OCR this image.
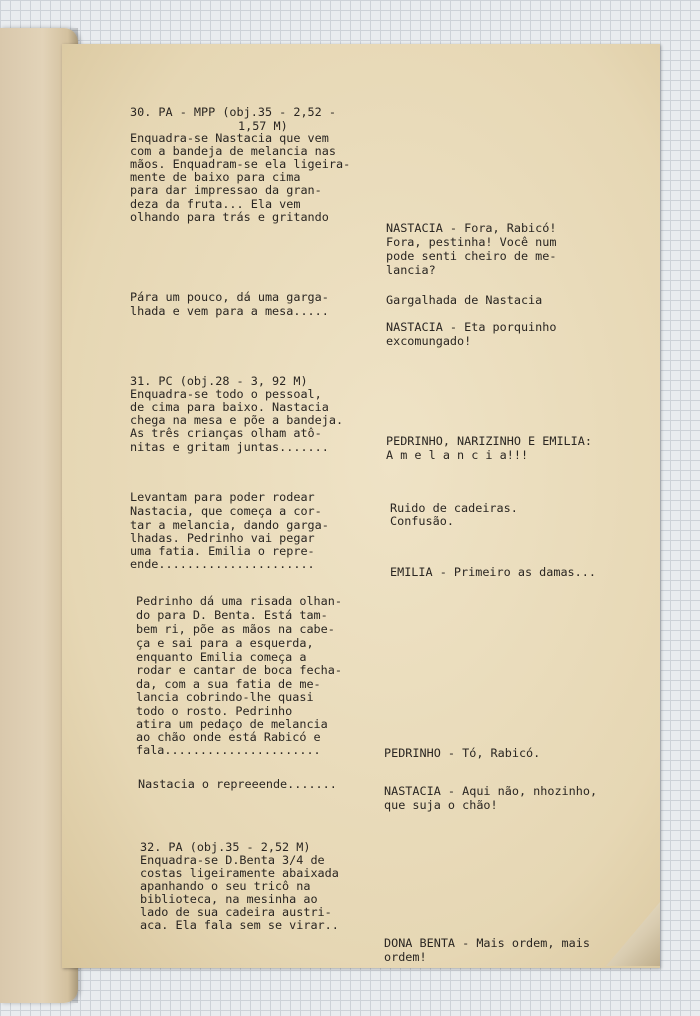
30. PA - MPP (obj.35 - 2,52 -

1,57 M)

Enquadra-se Nastacia que vem

com a bandeja de melancia nas

mãos. Enquadram-se ela ligeira-

mente de baixo para cima

para dar impressao da gran-

deza da fruta... Ela vem

olhando para trás e gritando

NASTACIA - Fora, Rabicó!

Fora, pestinha! Você num

pode senti cheiro de me-

lancia?

Pára um pouco, dá uma garga-

lhada e vem para a mesa.....

Gargalhada de Nastacia

NASTACIA - Eta porquinho

excomungado!

31. PC (obj.28 - 3, 92 M)

Enquadra-se todo o pessoal,

de cima para baixo. Nastacia

chega na mesa e põe a bandeja.

As três crianças olham atô-

nitas e gritam juntas.......	PEDRINHO, NARIZINHO E EMILIA:

A m e l a n c i a!!!

Levantam para poder rodear

Nastacia, que começa a cor-

tar a melancia, dando garga-

lhadas. Pedrinho vai pegar

uma fatia. Emilia o repre-

ende......................

Ruido de cadeiras.

Confusão.

EMILIA - Primeiro as damas...

Pedrinho dá uma risada olhan-

do para D. Benta. Está tam-

bem ri, põe as mãos na cabe-

ça e sai para a esquerda,

enquanto Emilia começa a

rodar e cantar de boca fecha-

da, com a sua fatia de me-

lancia cobrindo-lhe quasi

todo o rosto. Pedrinho

atira um pedaço de melancia

ao chão onde está Rabicó e

fala......................	PEDRINHO - Tó, Rabicó.

Nastacia o repreeende.......	NASTACIA - Aqui não, nhozinho,

que suja o chão!

32. PA (obj.35 - 2,52 M)

Enquadra-se D.Benta 3/4 de

costas ligeiramente abaixada

apanhando o seu tricô na

biblioteca, na mesinha ao

lado de sua cadeira austri-

aca. Ela fala sem se virar..

DONA BENTA - Mais ordem, mais

ordem!
